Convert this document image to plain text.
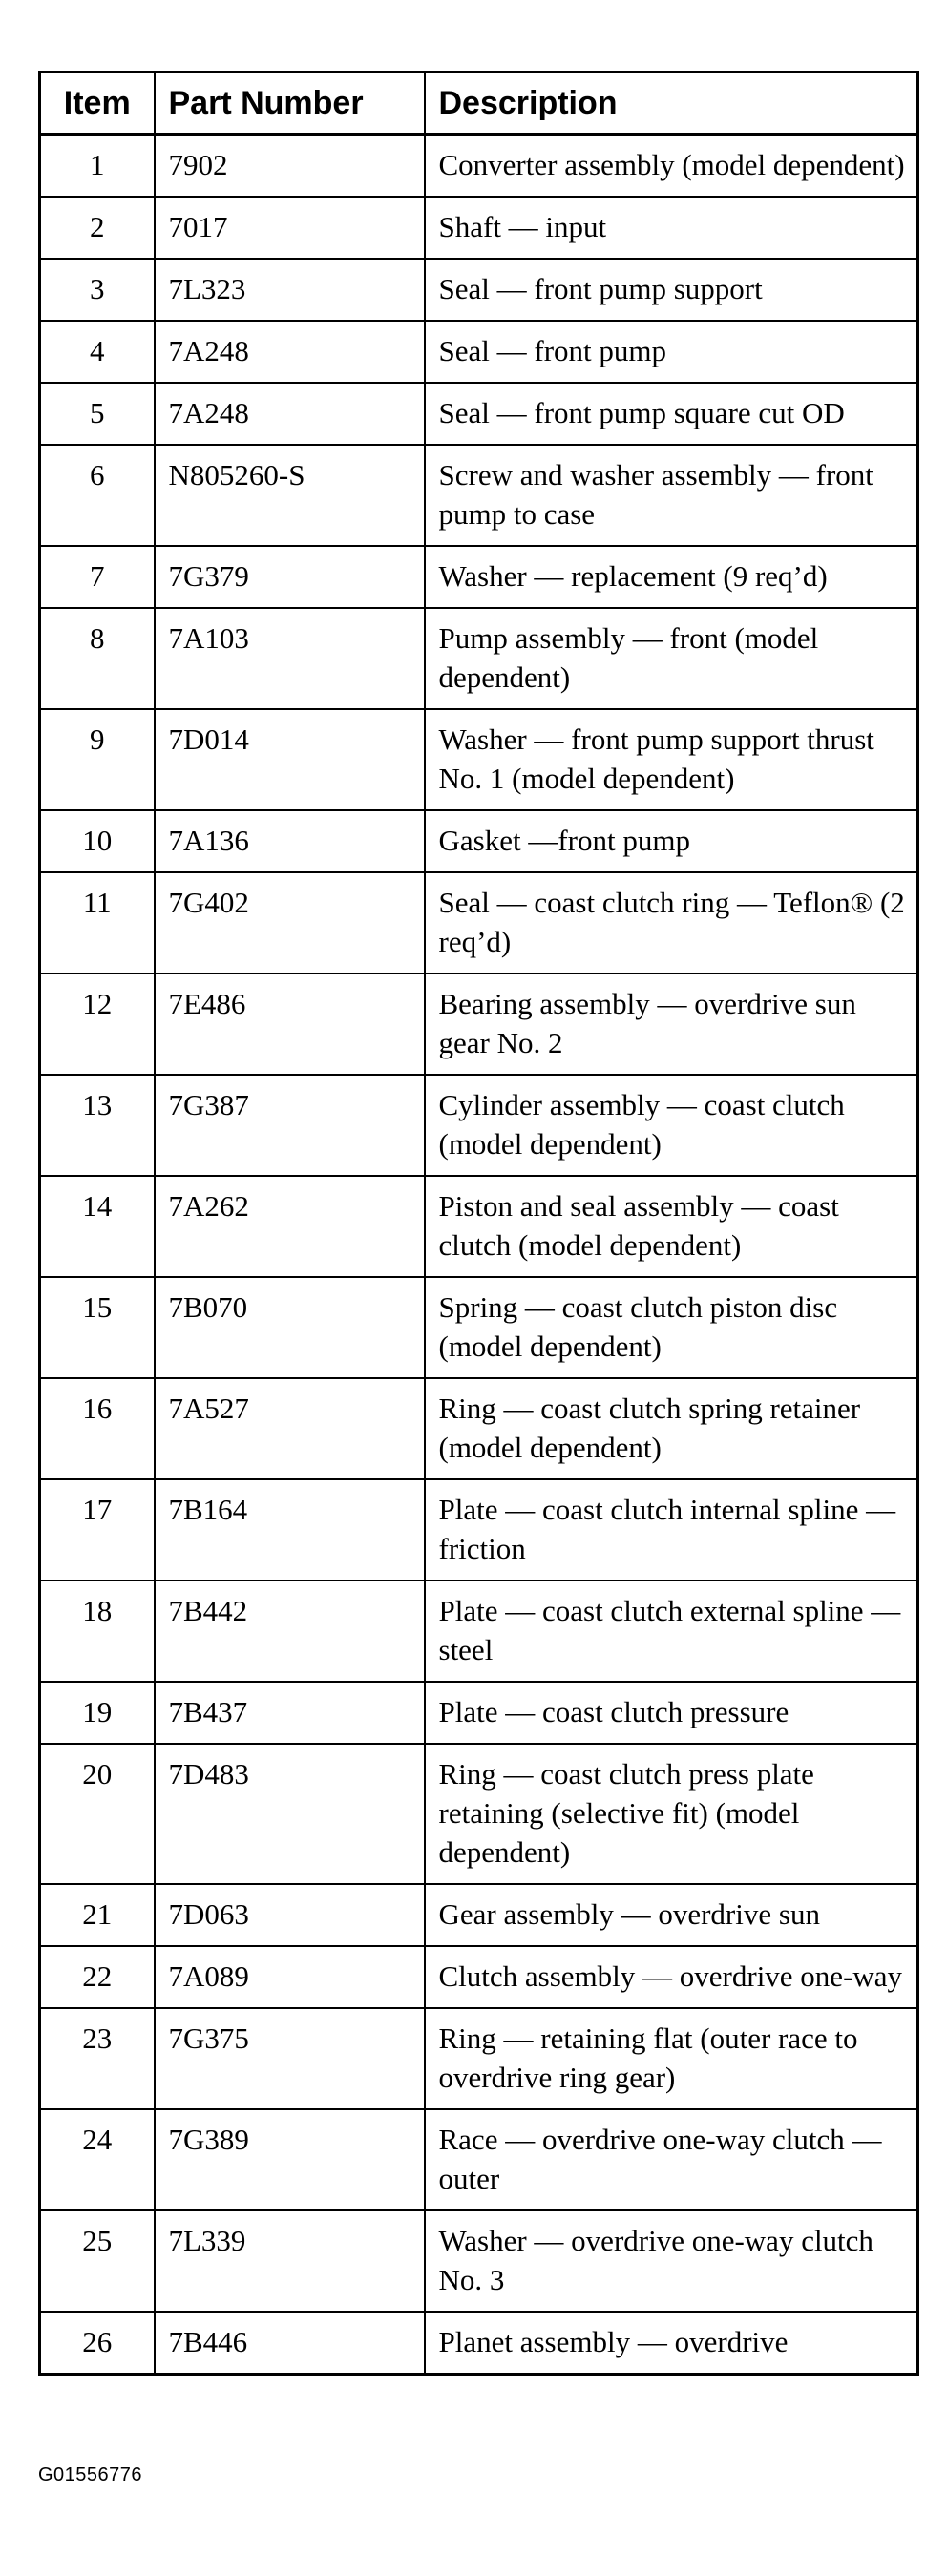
Item	Part Number	Description
1	7902	Converter assembly (model dependent)
2	7017	Shaft — input
3	7L323	Seal — front pump support
4	7A248	Seal — front pump
5	7A248	Seal — front pump square cut OD
6	N805260-S	Screw and washer assembly — front pump to case
7	7G379	Washer — replacement (9 req’d)
8	7A103	Pump assembly — front (model dependent)
9	7D014	Washer — front pump support thrust No. 1 (model dependent)
10	7A136	Gasket —front pump
11	7G402	Seal — coast clutch ring — Teflon® (2 req’d)
12	7E486	Bearing assembly — overdrive sun gear No. 2
13	7G387	Cylinder assembly — coast clutch (model dependent)
14	7A262	Piston and seal assembly — coast clutch (model dependent)
15	7B070	Spring — coast clutch piston disc (model dependent)
16	7A527	Ring — coast clutch spring retainer (model dependent)
17	7B164	Plate — coast clutch internal spline — friction
18	7B442	Plate — coast clutch external spline — steel
19	7B437	Plate — coast clutch pressure
20	7D483	Ring — coast clutch press plate retaining (selective fit) (model dependent)
21	7D063	Gear assembly — overdrive sun
22	7A089	Clutch assembly — overdrive one-way
23	7G375	Ring — retaining flat (outer race to overdrive ring gear)
24	7G389	Race — overdrive one-way clutch — outer
25	7L339	Washer — overdrive one-way clutch No. 3
26	7B446	Planet assembly — overdrive
G01556776
